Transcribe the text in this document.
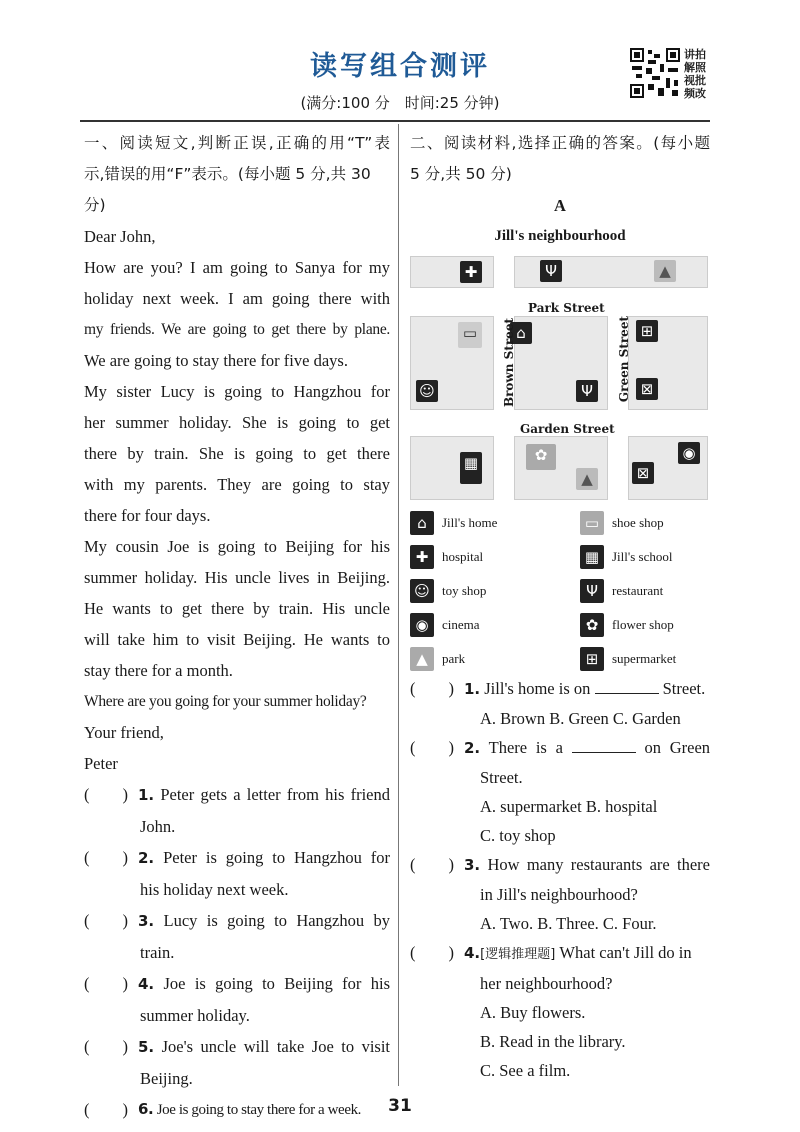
读写组合测评
(满分:100 分　时间:25 分钟)
讲拍解照视批频改
一、阅读短文,判断正误,正确的用“T”表
示,错误的用“F”表示。(每小题 5 分,共 30 分)
Dear John,
How are you? I am going to Sanya for my
holiday next week. I am going there with
my friends. We are going to get there by plane.
We are going to stay there for five days.
My sister Lucy is going to Hangzhou for
her summer holiday. She is going to get
there by train. She is going to get there
with my parents. They are going to stay
there for four days.
My cousin Joe is going to Beijing for his
summer holiday. His uncle lives in Beijing.
He wants to get there by train. His uncle
will take him to visit Beijing. He wants to
stay there for a month.
Where are you going for your summer holiday?
Your friend,
Peter
(　　) 1. Peter gets a letter from his friend
John.
(　　) 2. Peter is going to Hangzhou for
his holiday next week.
(　　) 3. Lucy is going to Hangzhou by
train.
(　　) 4. Joe is going to Beijing for his
summer holiday.
(　　) 5. Joe's uncle will take Joe to visit
Beijing.
(　　) 6. Joe is going to stay there for a week.
二、阅读材料,选择正确的答案。(每小题
5 分,共 50 分)
A
Jill's neighbourhood
✚	Ψ	▲
▭	⌂	⊞
☺	Ψ	⊠
▦	✿
▲	⊠
◉
Park Street
Brown Street	Green Street
Garden Street
⌂	Jill's home	▭ shoe shop
✚	hospital	▦ Jill's school
☺ toy shop	Ψ	restaurant
◉	cinema	✿	flower shop
▲	park	⊞	supermarket
(　　) 1. Jill's home is on	Street.
A. Brown B. Green C. Garden
(　　) 2. There is a	on Green
Street.
A. supermarket B. hospital
C. toy shop
(　　) 3. How many restaurants are there
in Jill's neighbourhood?
A. Two. B. Three. C. Four.
(　　) 4.[逻辑推理题] What can't Jill do in
her neighbourhood?
A. Buy flowers.
B. Read in the library.
C. See a film.
31
